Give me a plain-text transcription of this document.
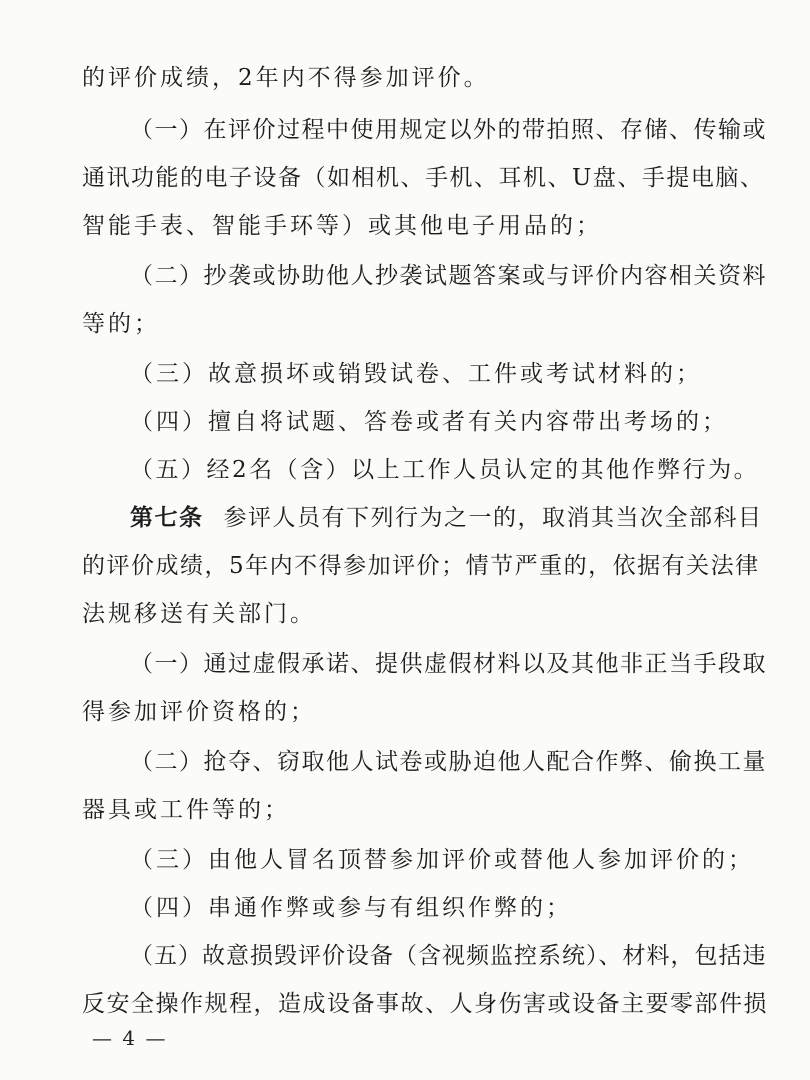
的评价成绩，2年内不得参加评价。
（一）在评价过程中使用规定以外的带拍照、存储、传输或
通讯功能的电子设备（如相机、手机、耳机、U盘、手提电脑、
智能手表、智能手环等）或其他电子用品的；
（二）抄袭或协助他人抄袭试题答案或与评价内容相关资料
等的；
（三）故意损坏或销毁试卷、工件或考试材料的；
（四）擅自将试题、答卷或者有关内容带出考场的；
（五）经2名（含）以上工作人员认定的其他作弊行为。
第七条 参评人员有下列行为之一的，取消其当次全部科目
的评价成绩，5年内不得参加评价；情节严重的，依据有关法律
法规移送有关部门。
（一）通过虚假承诺、提供虚假材料以及其他非正当手段取
得参加评价资格的；
（二）抢夺、窃取他人试卷或胁迫他人配合作弊、偷换工量
器具或工件等的；
（三）由他人冒名顶替参加评价或替他人参加评价的；
（四）串通作弊或参与有组织作弊的；
（五）故意损毁评价设备（含视频监控系统）、材料，包括违
反安全操作规程，造成设备事故、人身伤害或设备主要零部件损
— 4 —
